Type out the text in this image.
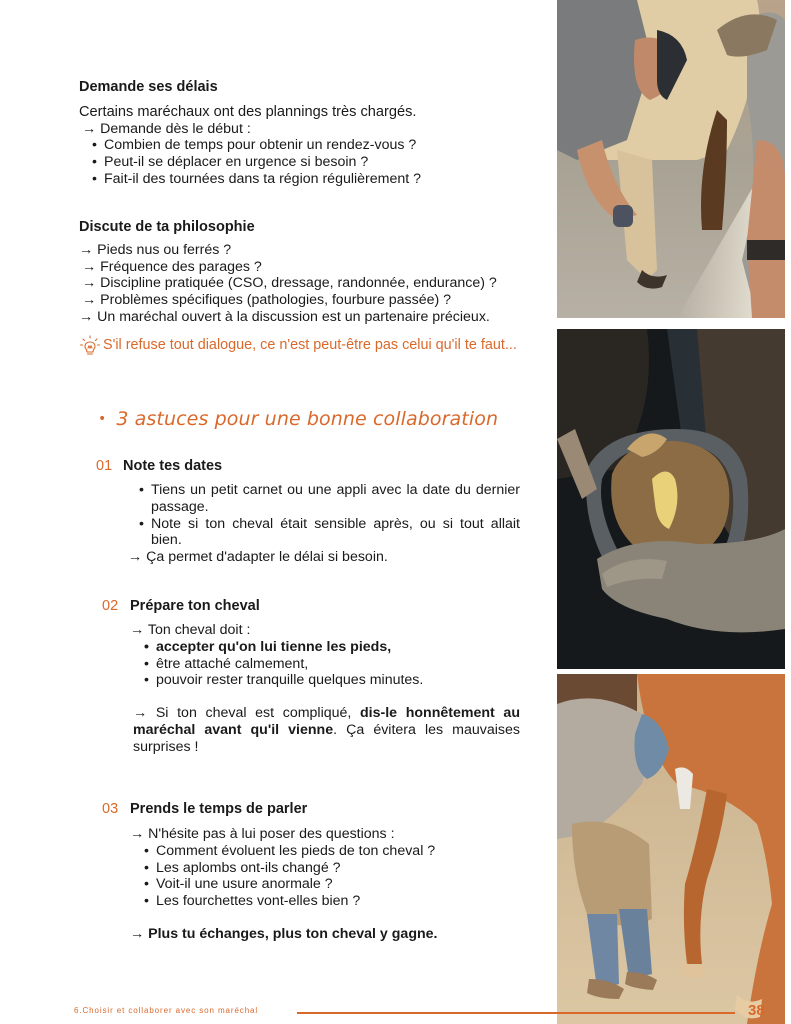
Demande ses délais
Certains maréchaux ont des plannings très chargés.
→ Demande dès le début :
• Combien de temps pour obtenir un rendez-vous ?
• Peut-il se déplacer en urgence si besoin ?
• Fait-il des tournées dans ta région régulièrement ?
Discute de ta philosophie
→ Pieds nus ou ferrés ?
→ Fréquence des parages ?
→ Discipline pratiquée (CSO, dressage, randonnée, endurance) ?
→ Problèmes spécifiques (pathologies, fourbure passée) ?
→ Un maréchal ouvert à la discussion est un partenaire précieux.
S'il refuse tout dialogue, ce n'est peut-être pas celui qu'il te faut...
• 3 astuces pour une bonne collaboration
01 Note tes dates
• Tiens un petit carnet ou une appli avec la date du dernier passage.
• Note si ton cheval était sensible après, ou si tout allait bien.
→ Ça permet d'adapter le délai si besoin.
02 Prépare ton cheval
→ Ton cheval doit :
• accepter qu'on lui tienne les pieds,
• être attaché calmement,
• pouvoir rester tranquille quelques minutes.
→ Si ton cheval est compliqué, dis-le honnêtement au maréchal avant qu'il vienne. Ça évitera les mauvaises surprises !
03 Prends le temps de parler
→ N'hésite pas à lui poser des questions :
• Comment évoluent les pieds de ton cheval ?
• Les aplombs ont-ils changé ?
• Voit-il une usure anormale ?
• Les fourchettes vont-elles bien ?
→ Plus tu échanges, plus ton cheval y gagne.
6.Choisir et collaborer avec son maréchal	38
